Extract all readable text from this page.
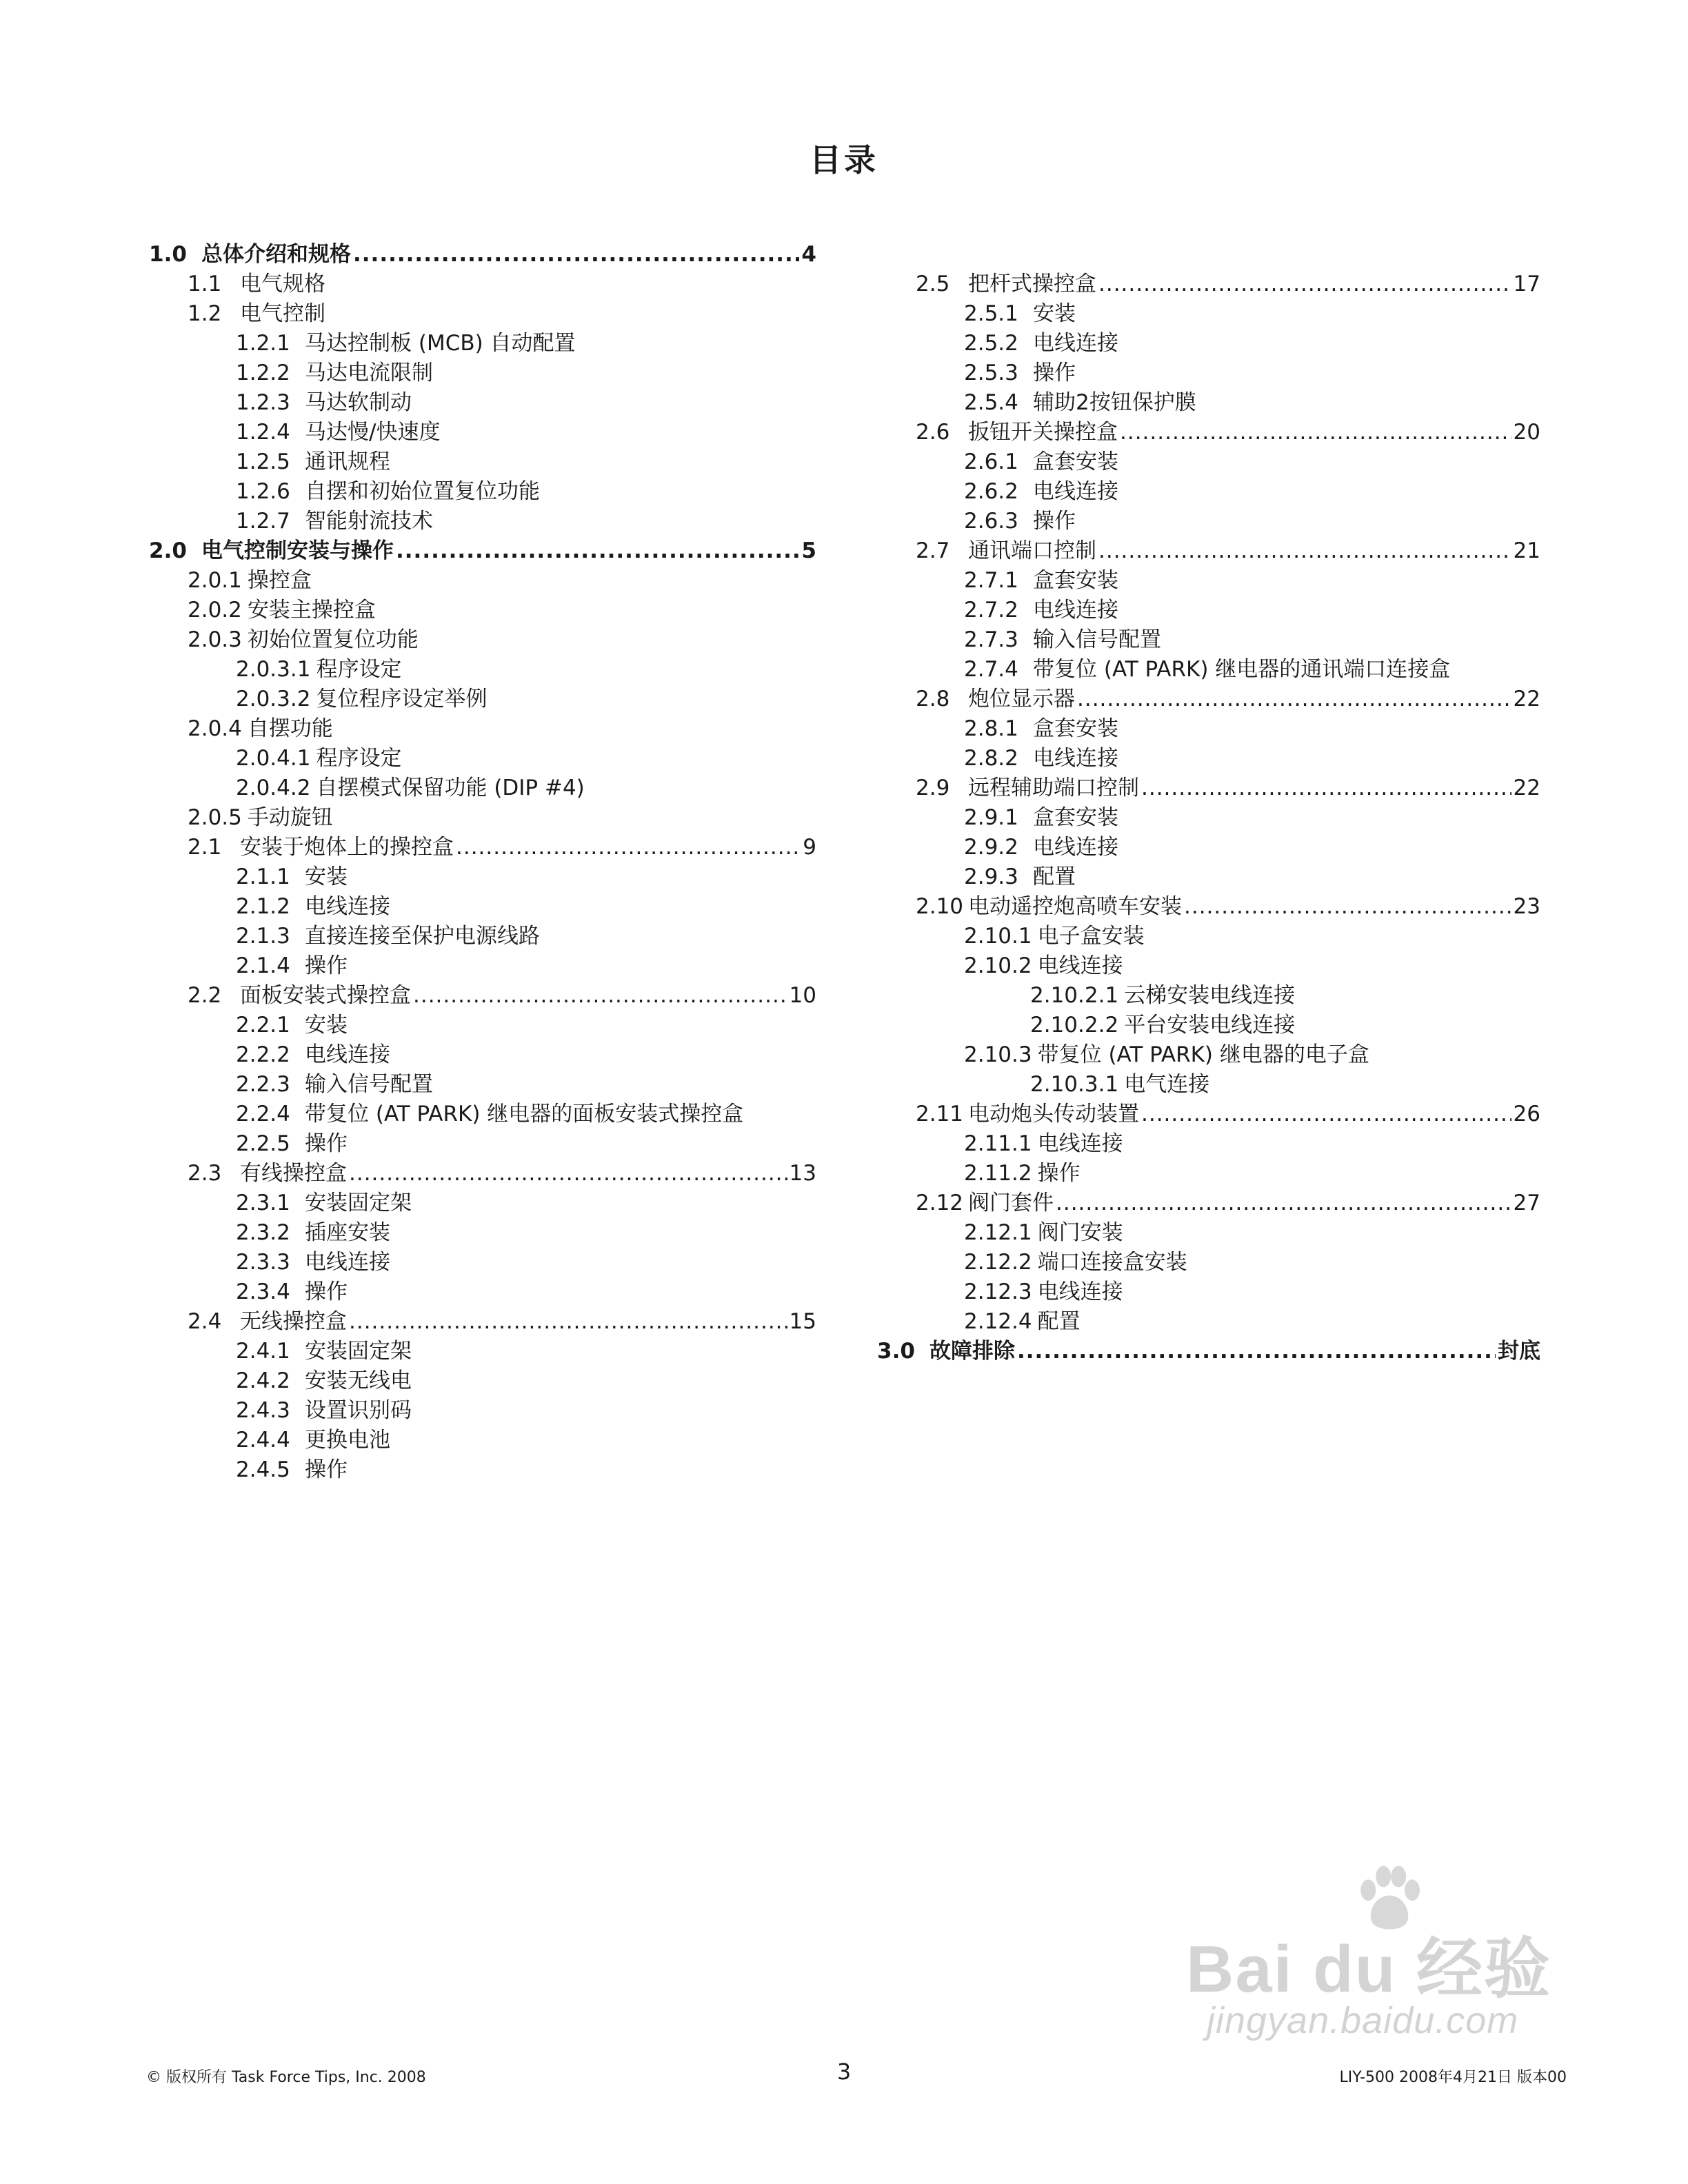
目录
1.0 总体介绍和规格 .....	4
1.1 电气规格
1.2 电气控制
1.2.1 马达控制板 (MCB) 自动配置
1.2.2 马达电流限制
1.2.3 马达软制动
1.2.4 马达慢/快速度
1.2.5 通讯规程
1.2.6 自摆和初始位置复位功能
1.2.7 智能射流技术
2.0 电气控制安装与操作 .....	5
2.0.1 操控盒
2.0.2 安装主操控盒
2.0.3 初始位置复位功能
2.0.3.1 程序设定
2.0.3.2 复位程序设定举例
2.0.4 自摆功能
2.0.4.1 程序设定
2.0.4.2 自摆模式保留功能 (DIP #4)
2.0.5 手动旋钮
2.1 安装于炮体上的操控盒 .....	9
2.1.1 安装
2.1.2 电线连接
2.1.3 直接连接至保护电源线路
2.1.4 操作
2.2 面板安装式操控盒 .....	10
2.2.1 安装
2.2.2 电线连接
2.2.3 输入信号配置
2.2.4 带复位 (AT PARK) 继电器的面板安装式操控盒
2.2.5 操作
2.3 有线操控盒 .....	13
2.3.1 安装固定架
2.3.2 插座安装
2.3.3 电线连接
2.3.4 操作
2.4 无线操控盒 .....	15
2.4.1 安装固定架
2.4.2 安装无线电
2.4.3 设置识别码
2.4.4 更换电池
2.4.5 操作
2.5 把杆式操控盒 .....	17
2.5.1 安装
2.5.2 电线连接
2.5.3 操作
2.5.4 辅助2按钮保护膜
2.6 扳钮开关操控盒 .....	20
2.6.1 盒套安装
2.6.2 电线连接
2.6.3 操作
2.7 通讯端口控制 .....	21
2.7.1 盒套安装
2.7.2 电线连接
2.7.3 输入信号配置
2.7.4 带复位 (AT PARK) 继电器的通讯端口连接盒
2.8 炮位显示器 .....	22
2.8.1 盒套安装
2.8.2 电线连接
2.9 远程辅助端口控制 .....	22
2.9.1 盒套安装
2.9.2 电线连接
2.9.3 配置
2.10 电动遥控炮高喷车安装 .....	23
2.10.1 电子盒安装
2.10.2 电线连接
2.10.2.1 云梯安装电线连接
2.10.2.2 平台安装电线连接
2.10.3 带复位 (AT PARK) 继电器的电子盒
2.10.3.1 电气连接
2.11 电动炮头传动装置 .....	26
2.11.1 电线连接
2.11.2 操作
2.12 阀门套件 .....	27
2.12.1 阀门安装
2.12.2 端口连接盒安装
2.12.3 电线连接
2.12.4 配置
3.0 故障排除 .....	封底
© 版权所有 Task Force Tips, Inc. 2008	3	LIY-500 2008年4月21日 版本00
Bai du 经验
jingyan.baidu.com
